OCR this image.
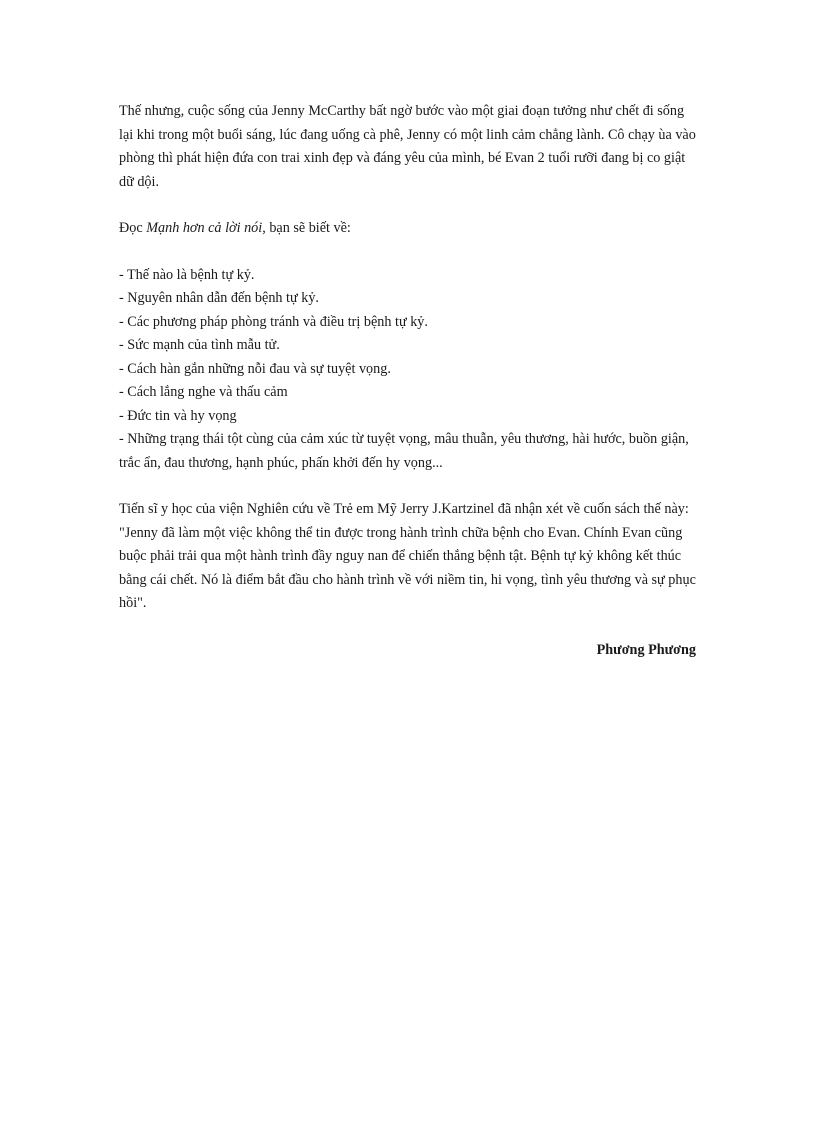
Thế nhưng, cuộc sống của Jenny McCarthy bất ngờ bước vào một giai đoạn tưởng như chết đi sống lại khi trong một buổi sáng, lúc đang uống cà phê, Jenny có một linh cảm chẳng lành. Cô chạy ùa vào phòng thì phát hiện đứa con trai xinh đẹp và đáng yêu của mình, bé Evan 2 tuổi rưỡi đang bị co giật dữ dội.

Đọc Mạnh hơn cả lời nói, bạn sẽ biết về:

- Thế nào là bệnh tự kỷ.
- Nguyên nhân dẫn đến bệnh tự kỷ.
- Các phương pháp phòng tránh và điều trị bệnh tự kỷ.
- Sức mạnh của tình mẫu tử.
- Cách hàn gắn những nỗi đau và sự tuyệt vọng.
- Cách lắng nghe và thấu cảm
- Đức tin và hy vọng
- Những trạng thái tột cùng của cảm xúc từ tuyệt vọng, mâu thuẫn, yêu thương, hài hước, buồn giận, trắc ẩn, đau thương, hạnh phúc, phấn khởi đến hy vọng...

Tiến sĩ y học của viện Nghiên cứu về Trẻ em Mỹ Jerry J.Kartzinel đã nhận xét về cuốn sách thế này: "Jenny đã làm một việc không thể tin được trong hành trình chữa bệnh cho Evan. Chính Evan cũng buộc phải trải qua một hành trình đầy nguy nan để chiến thắng bệnh tật. Bệnh tự kỷ không kết thúc bằng cái chết. Nó là điểm bắt đầu cho hành trình về với niềm tin, hi vọng, tình yêu thương và sự phục hồi".

Phương Phương
